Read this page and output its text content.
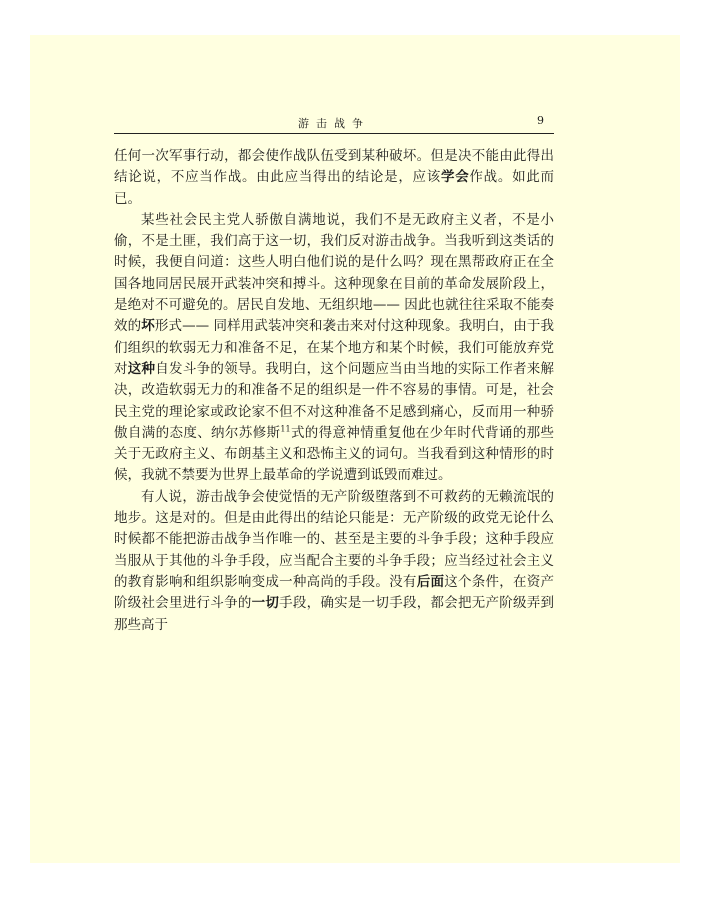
游击战争	9

任何一次军事行动，都会使作战队伍受到某种破坏。但是决不能由此得出结论说，不应当作战。由此应当得出的结论是，应该学会作战。如此而已。

某些社会民主党人骄傲自满地说，我们不是无政府主义者，不是小偷，不是土匪，我们高于这一切，我们反对游击战争。当我听到这类话的时候，我便自问道：这些人明白他们说的是什么吗？现在黑帮政府正在全国各地同居民展开武装冲突和搏斗。这种现象在目前的革命发展阶段上，是绝对不可避免的。居民自发地、无组织地—— 因此也就往往采取不能奏效的坏形式—— 同样用武装冲突和袭击来对付这种现象。我明白，由于我们组织的软弱无力和准备不足，在某个地方和某个时候，我们可能放弃党对这种自发斗争的领导。我明白，这个问题应当由当地的实际工作者来解决，改造软弱无力的和准备不足的组织是一件不容易的事情。可是，社会民主党的理论家或政论家不但不对这种准备不足感到痛心，反而用一种骄傲自满的态度、纳尔苏修斯$^{11}$式的得意神情重复他在少年时代背诵的那些关于无政府主义、布朗基主义和恐怖主义的词句。当我看到这种情形的时候，我就不禁要为世界上最革命的学说遭到诋毁而难过。

有人说，游击战争会使觉悟的无产阶级堕落到不可救药的无赖流氓的地步。这是对的。但是由此得出的结论只能是：无产阶级的政党无论什么时候都不能把游击战争当作唯一的、甚至是主要的斗争手段；这种手段应当服从于其他的斗争手段，应当配合主要的斗争手段；应当经过社会主义的教育影响和组织影响变成一种高尚的手段。没有后面这个条件，在资产阶级社会里进行斗争的一切手段，确实是一切手段，都会把无产阶级弄到那些高于
